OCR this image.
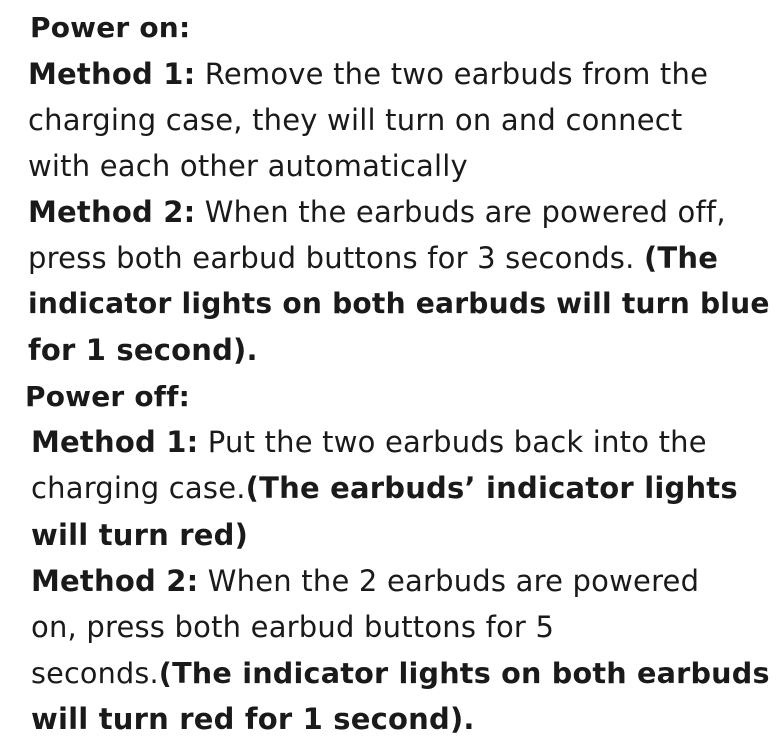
Power on:
Method 1: Remove the two earbuds from the
charging case, they will turn on and connect
with each other automatically
Method 2: When the earbuds are powered off,
press both earbud buttons for 3 seconds. (The
indicator lights on both earbuds will turn blue
for 1 second).
Power off:
Method 1: Put the two earbuds back into the
charging case.(The earbuds’ indicator lights
will turn red)
Method 2: When the 2 earbuds are powered
on, press both earbud buttons for 5
seconds.(The indicator lights on both earbuds
will turn red for 1 second).
